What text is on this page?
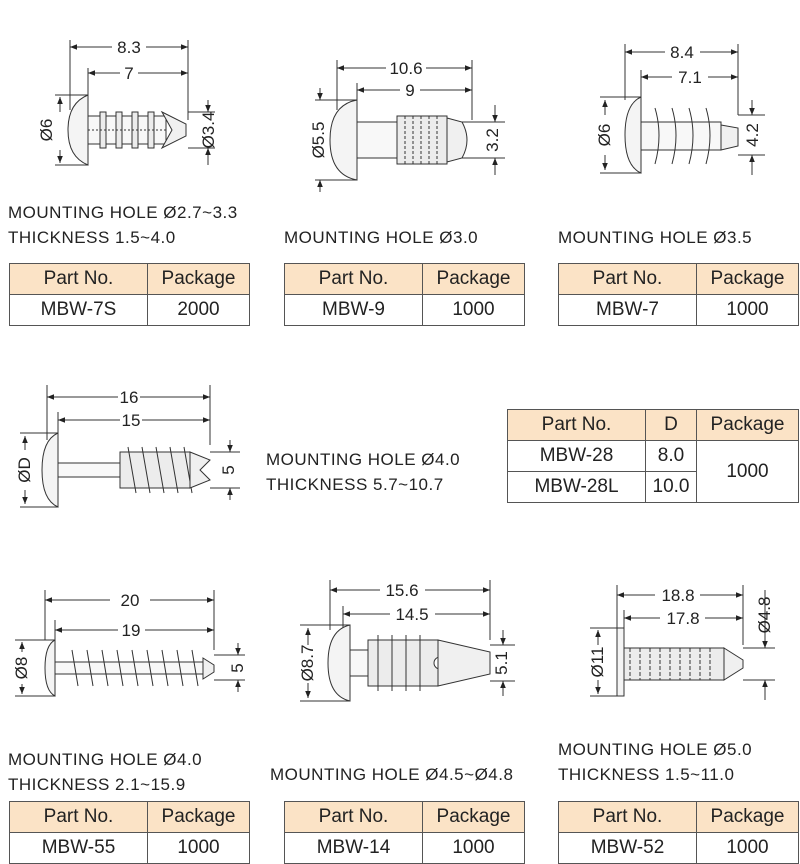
8.3
7
Ø6	Ø3.4
10.6
9
Ø5.5	3.2
8.4
7.1
Ø6	4.2
16
15
ØD	5
20
19
Ø8	5
15.6
14.5
Ø8.7	5.1
18.8
17.8
Ø11
Ø4.8
MOUNTING HOLE Ø2.7~3.3
THICKNESS 1.5~4.0	MOUNTING HOLE Ø3.0	MOUNTING HOLE Ø3.5
MOUNTING HOLE Ø4.0
THICKNESS 5.7~10.7
MOUNTING HOLE Ø4.0
THICKNESS 2.1~15.9
MOUNTING HOLE Ø4.5~Ø4.8
MOUNTING HOLE Ø5.0
THICKNESS 1.5~11.0
Part No.	Package
MBW-7S	2000
Part No.	Package
MBW-9	1000
Part No.	Package
MBW-7	1000
Part No.	D	Package
MBW-28	8.0	1000
MBW-28L	10.0	
Part No.	Package
MBW-55	1000
Part No.	Package
MBW-14	1000
Part No.	Package
MBW-52	1000
